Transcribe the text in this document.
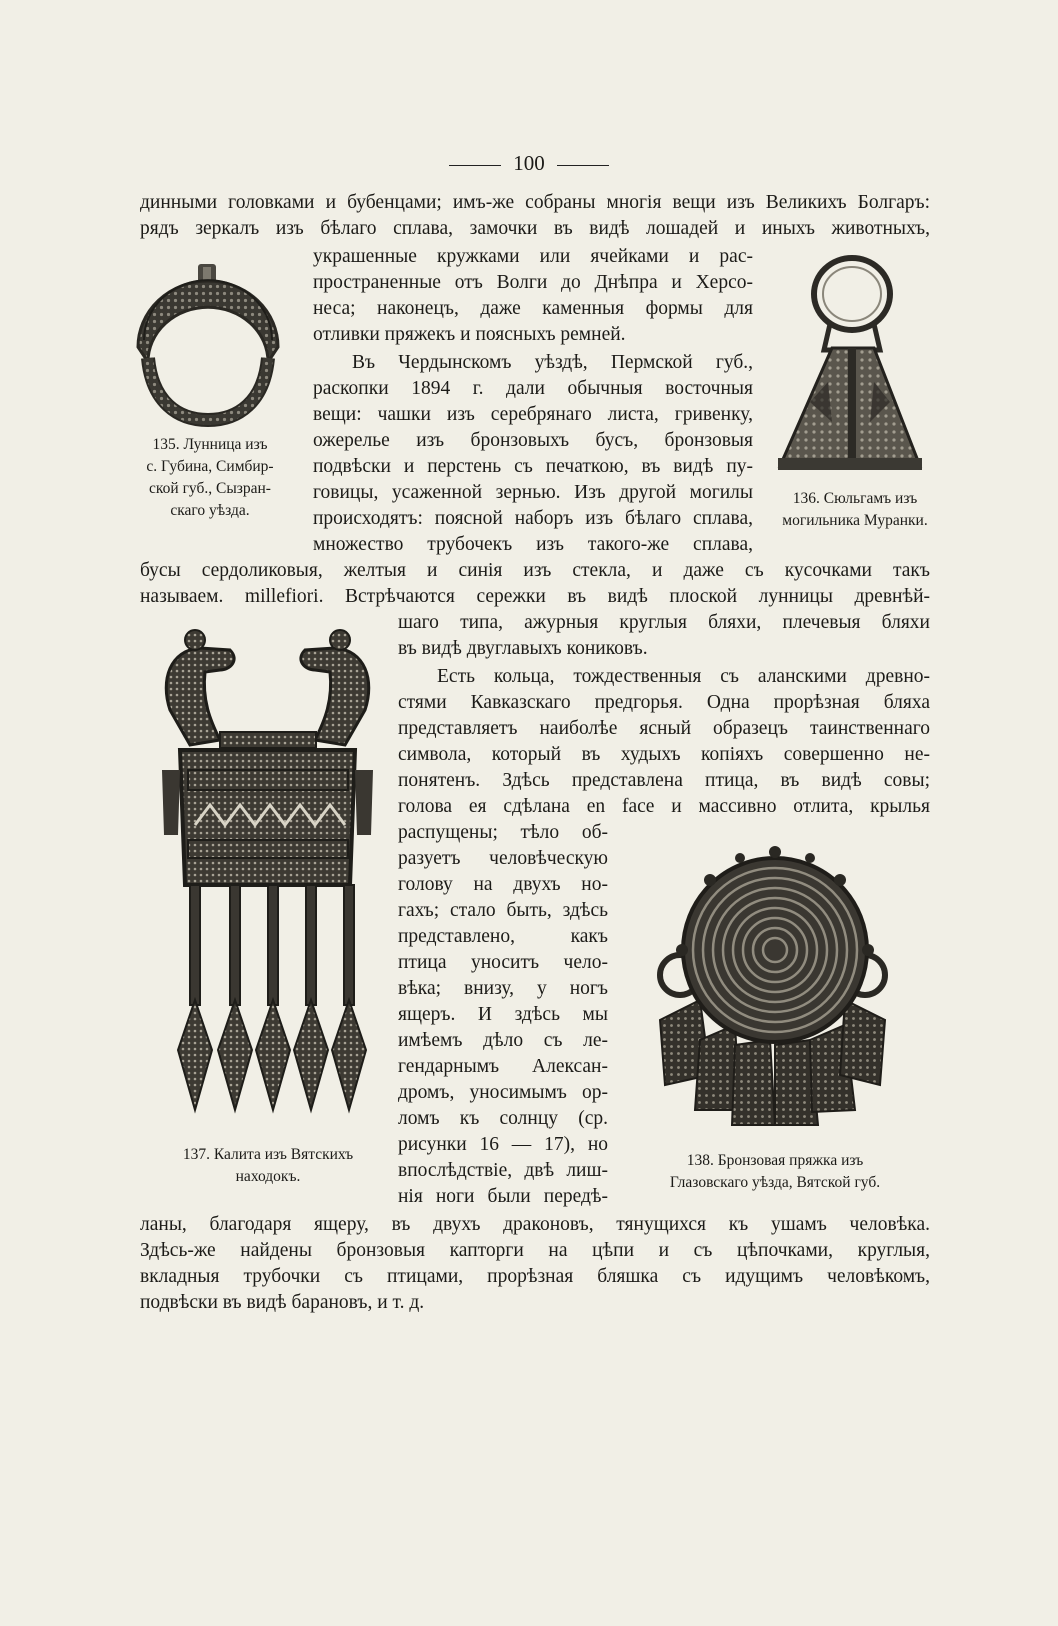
100
динными головками и бубенцами; имъ-же собраны многія вещи изъ Великихъ Болгаръ:
рядъ зеркалъ изъ бѣлаго сплава, замочки въ видѣ лошадей и иныхъ животныхъ,
украшенные кружками или ячейками и рас-
пространенные отъ Волги до Днѣпра и Херсо-
неса; наконецъ, даже каменныя формы для
отливки пряжекъ и поясныхъ ремней.
Въ Чердынскомъ уѣздѣ, Пермской губ.,
раскопки 1894 г. дали обычныя восточныя
вещи: чашки изъ серебрянаго листа, гривенку,
ожерелье изъ бронзовыхъ бусъ, бронзовыя
подвѣски и перстень съ печаткою, въ видѣ пу-
говицы, усаженной зернью. Изъ другой могилы
происходятъ: поясной наборъ изъ бѣлаго сплава,
множество трубочекъ изъ такого-же сплава,
бусы сердоликовыя, желтыя и синія изъ стекла, и даже съ кусочками такъ
называем. millefiori. Встрѣчаются сережки въ видѣ плоской лунницы древнѣй-
шаго типа, ажурныя круглыя бляхи, плечевыя бляхи
въ видѣ двуглавыхъ кониковъ.
Есть кольца, тождественныя съ аланскими древно-
стями Кавказскаго предгорья. Одна прорѣзная бляха
представляетъ наиболѣе ясный образецъ таинственнаго
символа, который въ худыхъ копіяхъ совершенно не-
понятенъ. Здѣсь представлена птица, въ видѣ совы;
голова ея сдѣлана en face и массивно отлита, крылья
распущены; тѣло об-
разуетъ человѣческую
голову на двухъ но-
гахъ; стало быть, здѣсь
представлено, какъ
птица уноситъ чело-
вѣка; внизу, у ногъ
ящеръ. И здѣсь мы
имѣемъ дѣло съ ле-
гендарнымъ Алексан-
дромъ, уносимымъ ор-
ломъ къ солнцу (ср.
рисунки 16 — 17), но
впослѣдствіе, двѣ лиш-
нія ноги были передѣ-
ланы, благодаря ящеру, въ двухъ драконовъ, тянущихся къ ушамъ человѣка.
Здѣсь-же найдены бронзовыя капторги на цѣпи и съ цѣпочками, круглыя,
вкладныя трубочки съ птицами, прорѣзная бляшка съ идущимъ человѣкомъ,
подвѣски въ видѣ барановъ, и т. д.
135. Лунница изъ
с. Губина, Симбир-
ской губ., Сызран-
скаго уѣзда.
136. Сюльгамъ изъ
могильника Муранки.
137. Калита изъ Вятскихъ
находокъ.
138. Бронзовая пряжка изъ
Глазовскаго уѣзда, Вятской губ.
